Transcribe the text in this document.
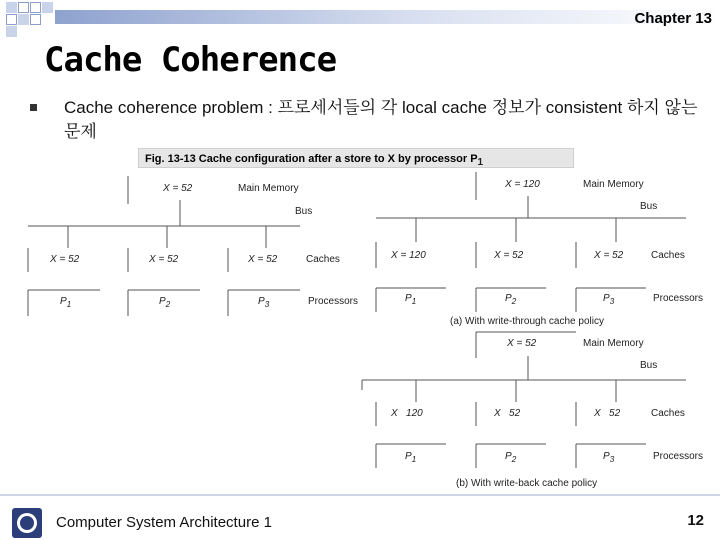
Chapter 13
Cache Coherence
Cache coherence problem : 프로세서들의 각 local cache 정보가 consistent 하지 않는 문제
Fig. 13-13 Cache configuration after a store to X by processor $P_1$
X = 52	Main Memory
Bus
X = 52	X = 52	X = 52	Caches
$P_1$	$P_2$	$P_3$	Processors
X = 120	Main Memory
Bus
X = 120	X = 52	X = 52	Caches
$P_1$	$P_2$	$P_3$	Processors
(a) With write-through cache policy
X = 52	Main Memory
Bus
X   120	X   52	X   52	Caches
$P_1$	$P_2$	$P_3$	Processors
(b) With write-back cache policy
Computer System Architecture 1	12
